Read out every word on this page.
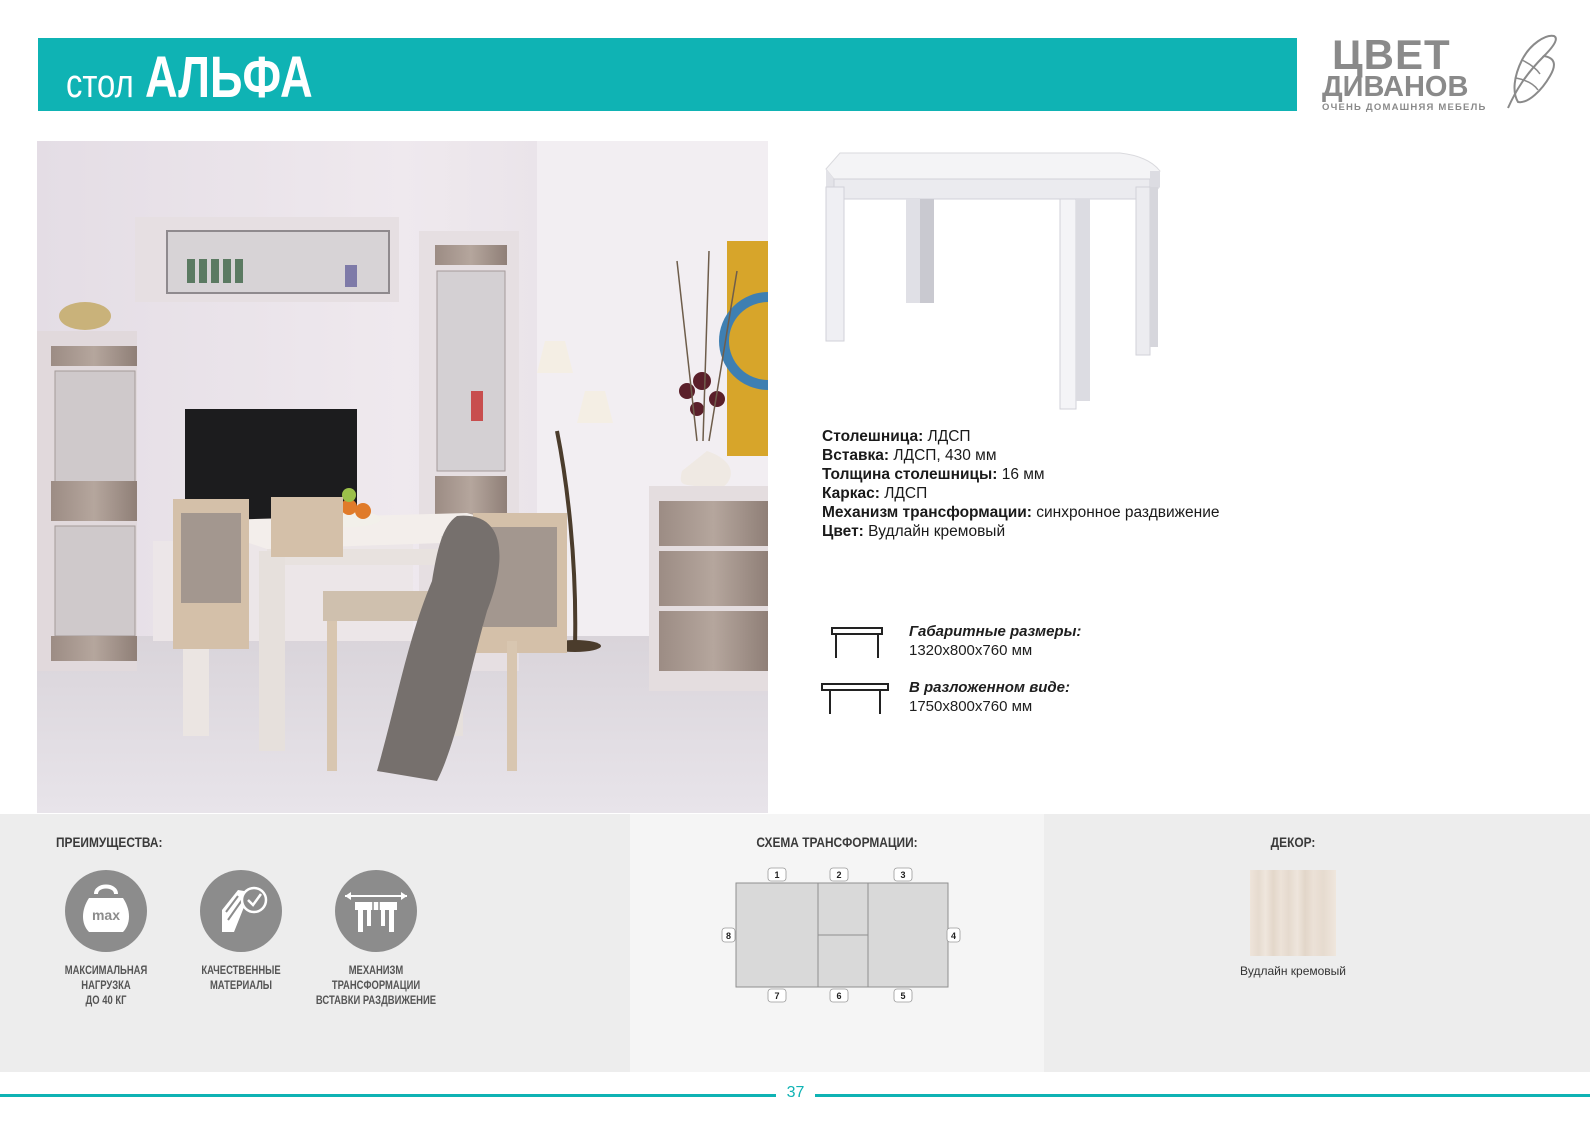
стол АЛЬФА	ЦВЕТ
ДИВАНОВ
ОЧЕНЬ ДОМАШНЯЯ МЕБЕЛЬ
Столешница: ЛДСП
Вставка: ЛДСП, 430 мм
Толщина столешницы: 16 мм
Каркас: ЛДСП
Механизм трансформации: синхронное раздвижение
Цвет: Вудлайн кремовый
Габаритные размеры:
1320х800х760 мм
В разложенном виде:
1750х800х760 мм
ПРЕИМУЩЕСТВА:
max
МАКСИМАЛЬНАЯ
НАГРУЗКА
ДО 40 КГ
КАЧЕСТВЕННЫЕ
МАТЕРИАЛЫ
МЕХАНИЗМ
ТРАНСФОРМАЦИИ
ВСТАВКИ РАЗДВИЖЕНИЕ
СХЕМА ТРАНСФОРМАЦИИ:
1	2	3
4
5
6
7
8
ДЕКОР:
Вудлайн кремовый
37
